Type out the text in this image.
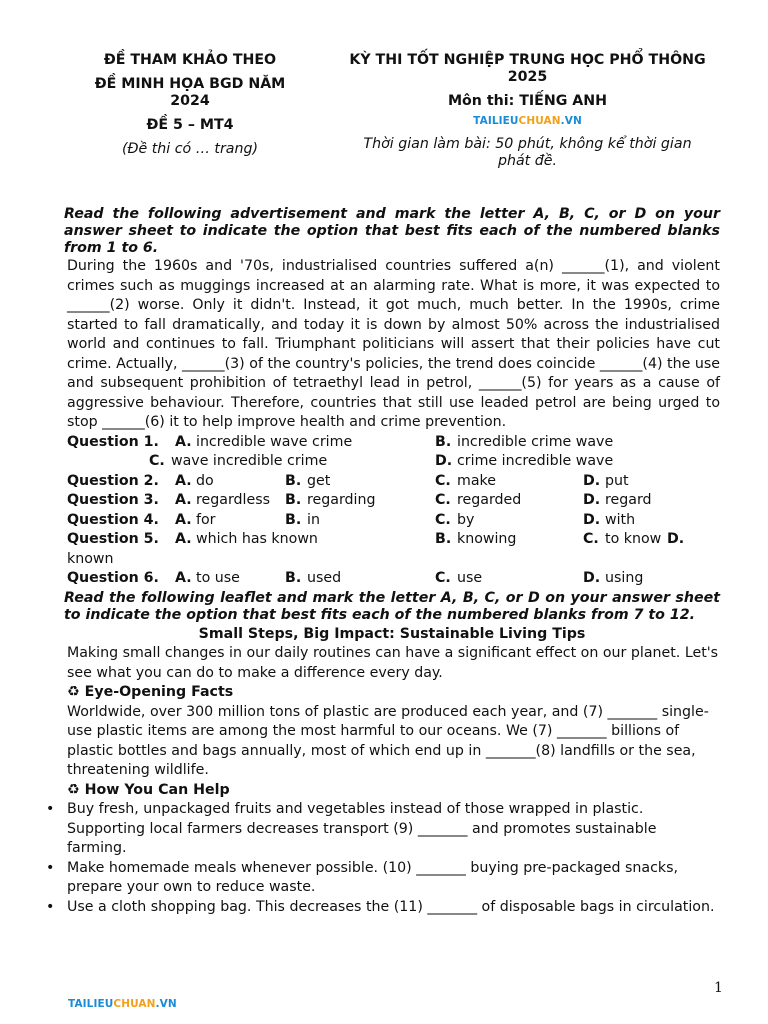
ĐỀ THAM KHẢO THEO
ĐỀ MINH HỌA BGD NĂM
2024
ĐỀ 5 – MT4
(Đề thi có … trang)
KỲ THI TỐT NGHIỆP TRUNG HỌC PHỔ THÔNG
2025
Môn thi: TIẾNG ANH
TAILIEUCHUAN.VN
Thời gian làm bài: 50 phút, không kể thời gian
phát đề.

Read the following advertisement and mark the letter A, B, C, or D on your answer sheet to indicate the option that best fits each of the numbered blanks from 1 to 6.

During the 1960s and '70s, industrialised countries suffered a(n) ______(1), and violent crimes such as muggings increased at an alarming rate. What is more, it was expected to ______(2) worse. Only it didn't. Instead, it got much, much better. In the 1990s, crime started to fall dramatically, and today it is down by almost 50% across the industrialised world and continues to fall. Triumphant politicians will assert that their policies have cut crime. Actually, ______(3) of the country's policies, the trend does coincide ______(4) the use and subsequent prohibition of tetraethyl lead in petrol, ______(5) for years as a cause of aggressive behaviour. Therefore, countries that still use leaded petrol are being urged to stop ______(6) it to help improve health and crime prevention.

Question 1. A. incredible wave crime	B. incredible crime wave
C. wave incredible crime	D. crime incredible wave
Question 2. A. do	B. get	C. make	D. put
Question 3. A. regardless B. regarding	C. regarded	D. regard
Question 4. A. for	B. in	C. by	D. with
Question 5. A. which has known	B. knowing	C. to know D.
known
Question 6. A. to use	B. used	C. use	D. using

Read the following leaflet and mark the letter A, B, C, or D on your answer sheet to indicate the option that best fits each of the numbered blanks from 7 to 12.

Small Steps, Big Impact: Sustainable Living Tips

Making small changes in our daily routines can have a significant effect on our planet. Let's see what you can do to make a difference every day.

♻ Eye-Opening Facts

Worldwide, over 300 million tons of plastic are produced each year, and (7) _______ single-use plastic items are among the most harmful to our oceans. We (7) _______ billions of plastic bottles and bags annually, most of which end up in _______(8) landfills or the sea, threatening wildlife.

♻ How You Can Help
• Buy fresh, unpackaged fruits and vegetables instead of those wrapped in plastic. Supporting local farmers decreases transport (9) _______ and promotes sustainable farming.
• Make homemade meals whenever possible. (10) _______ buying pre-packaged snacks, prepare your own to reduce waste.
• Use a cloth shopping bag. This decreases the (11) _______ of disposable bags in circulation.
1
TAILIEUCHUAN.VN
